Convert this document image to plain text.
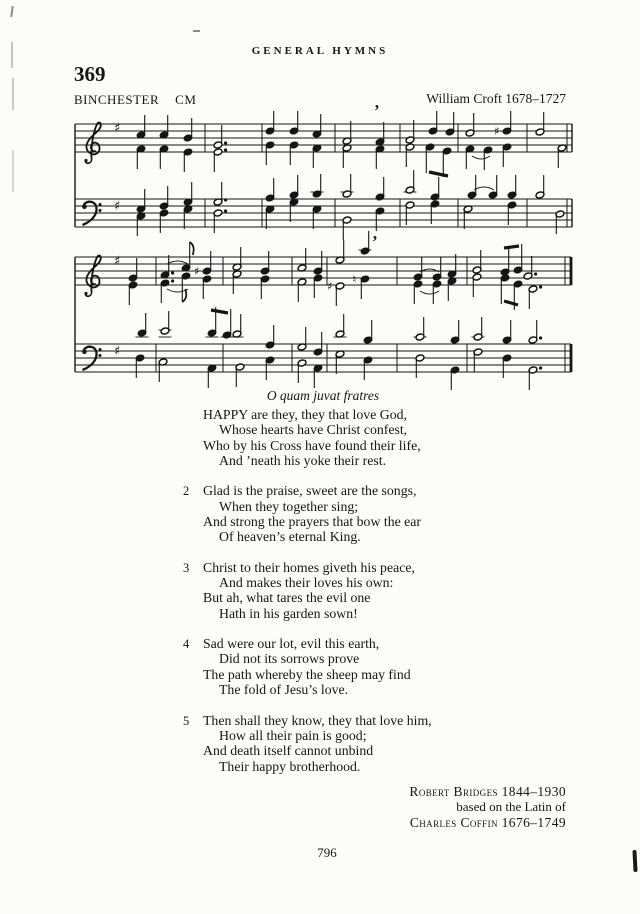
GENERAL HYMNS
369
BINCHESTER CM	William Croft 1678–1727
♯	♯
♯
’
♯
♯
♯ ♮
♯
’
O quam juvat fratres
HAPPY are they, they that love God,
Whose hearts have Christ confest,
Who by his Cross have found their life,
And ’neath his yoke their rest.
2 Glad is the praise, sweet are the songs,
When they together sing;
And strong the prayers that bow the ear
Of heaven’s eternal King.
3 Christ to their homes giveth his peace,
And makes their loves his own:
But ah, what tares the evil one
Hath in his garden sown!
4 Sad were our lot, evil this earth,
Did not its sorrows prove
The path whereby the sheep may find
The fold of Jesu’s love.
5 Then shall they know, they that love him,
How all their pain is good;
And death itself cannot unbind
Their happy brotherhood.
Robert Bridges 1844–1930
based on the Latin of
Charles Coffin 1676–1749
796
